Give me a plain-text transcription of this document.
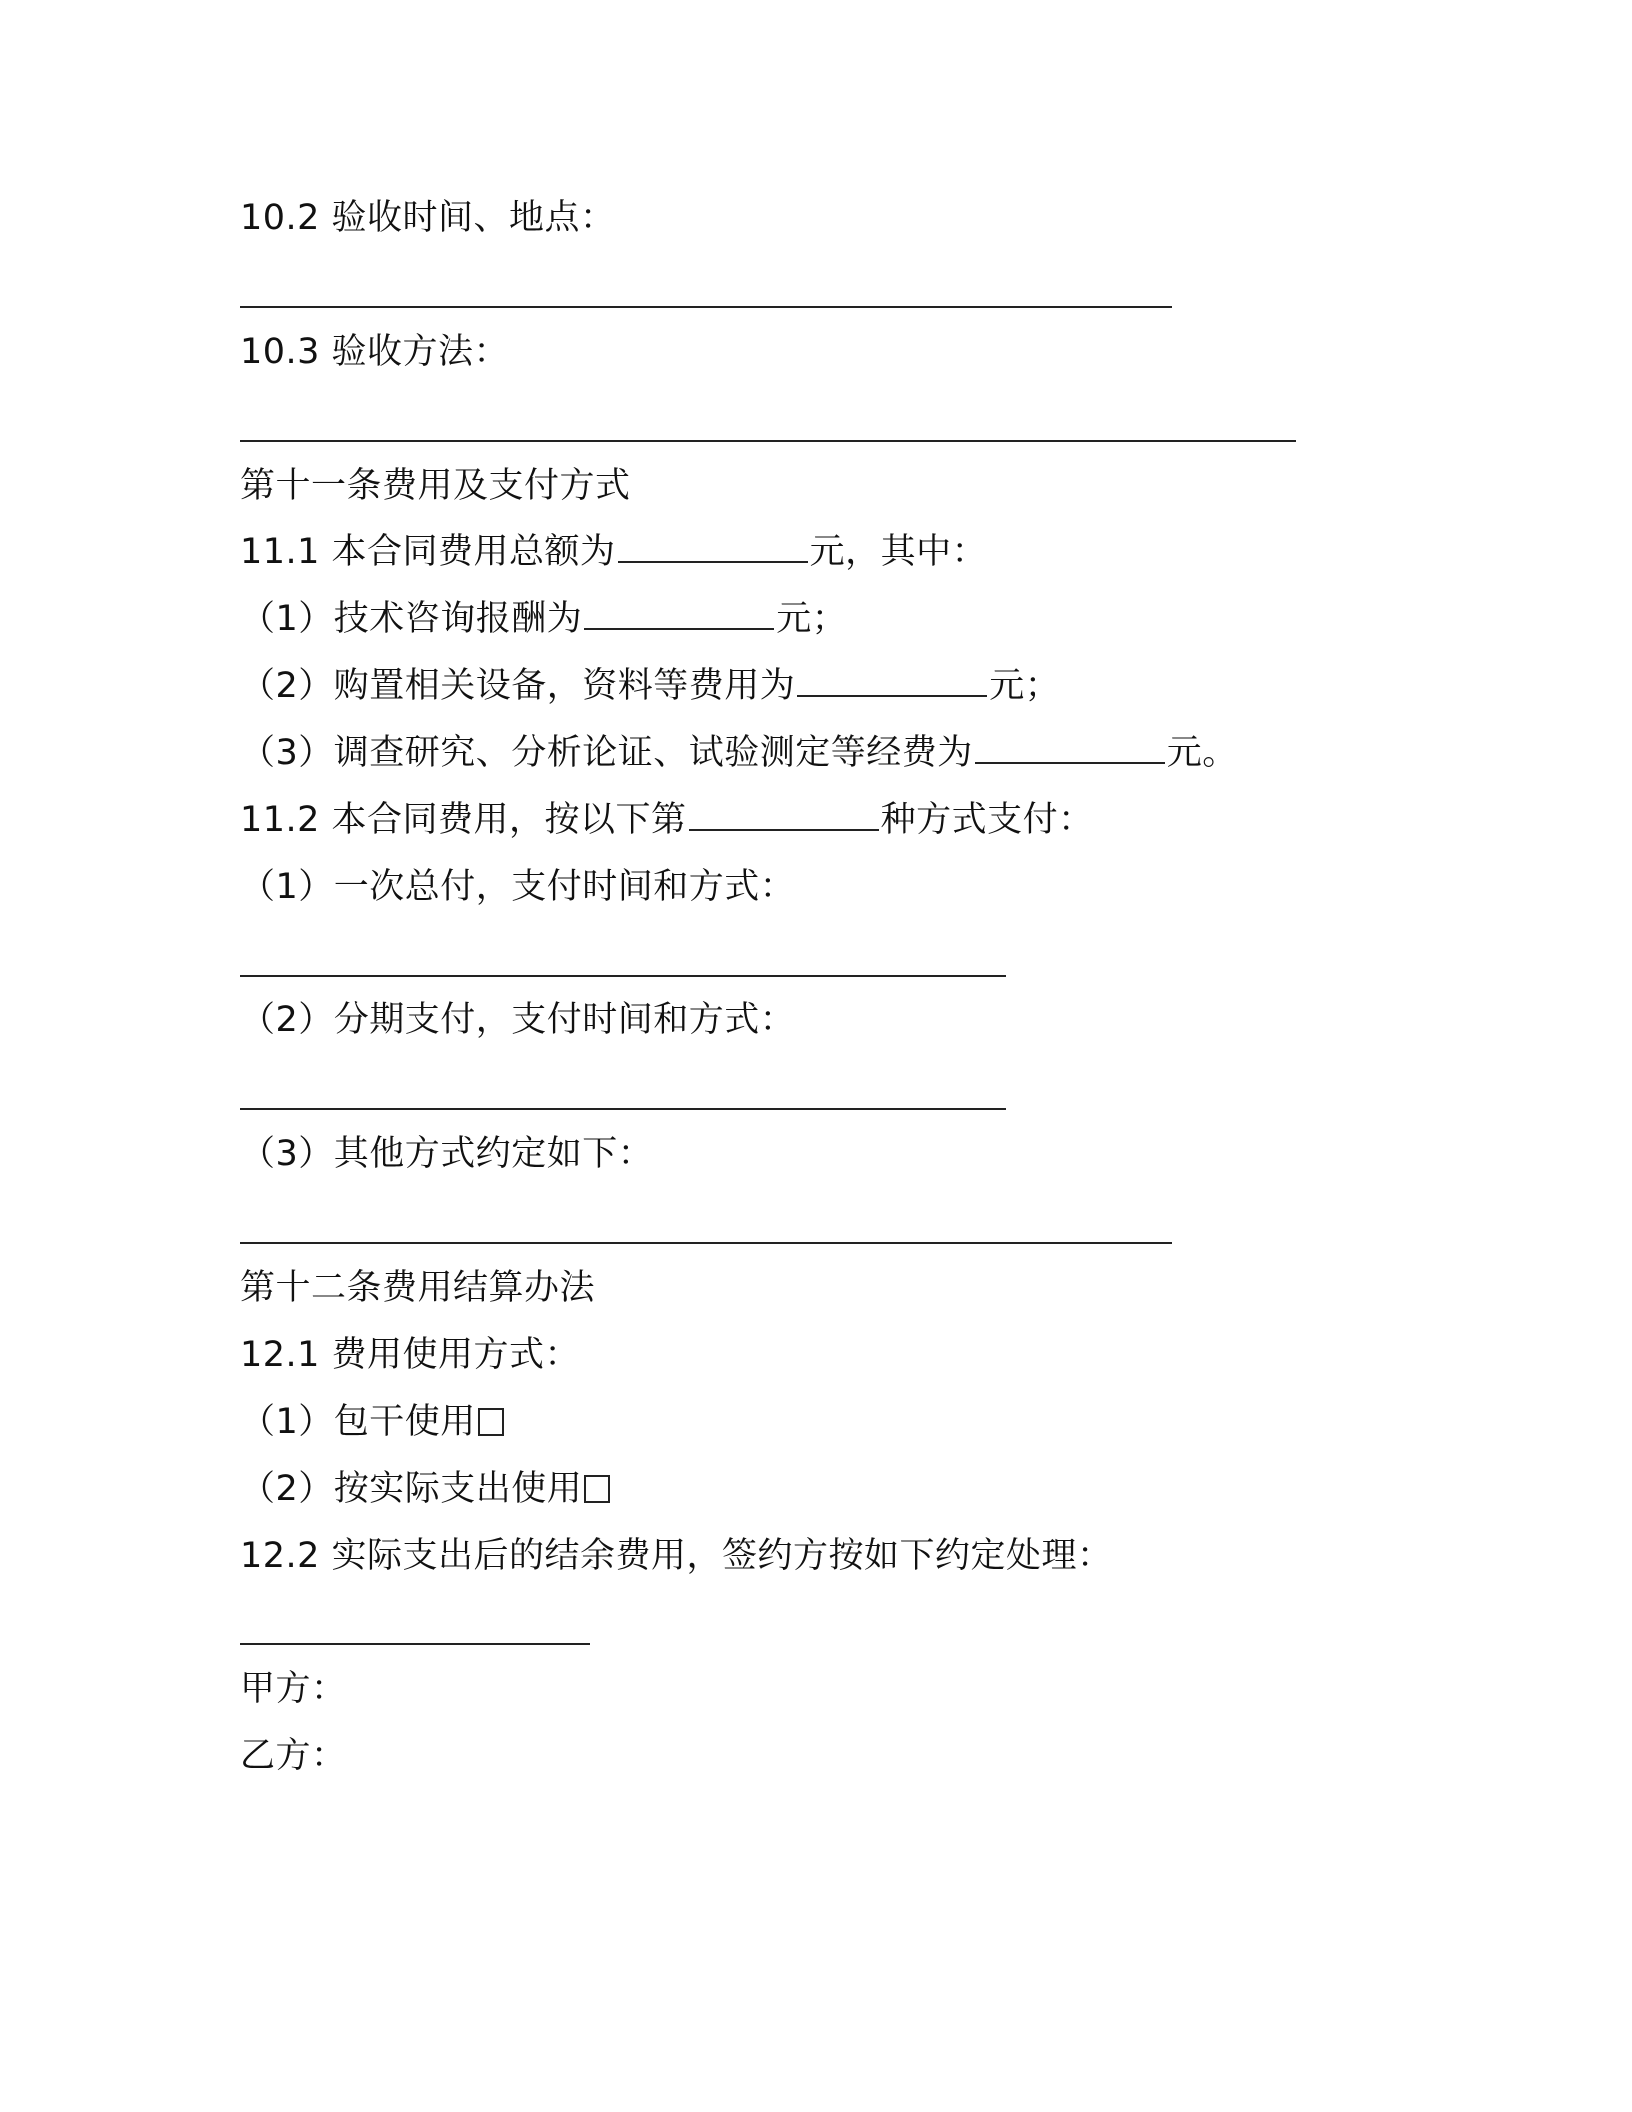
10.2 验收时间、地点：
10.3 验收方法：
第十一条费用及支付方式
11.1 本合同费用总额为	元，其中：
（1）技术咨询报酬为	元；
（2）购置相关设备，资料等费用为	元；
（3）调查研究、分析论证、试验测定等经费为	元。
11.2 本合同费用，按以下第	种方式支付：
（1）一次总付，支付时间和方式：
（2）分期支付，支付时间和方式：
（3）其他方式约定如下：
第十二条费用结算办法
12.1 费用使用方式：
（1）包干使用
（2）按实际支出使用
12.2 实际支出后的结余费用，签约方按如下约定处理：
甲方：
乙方：
